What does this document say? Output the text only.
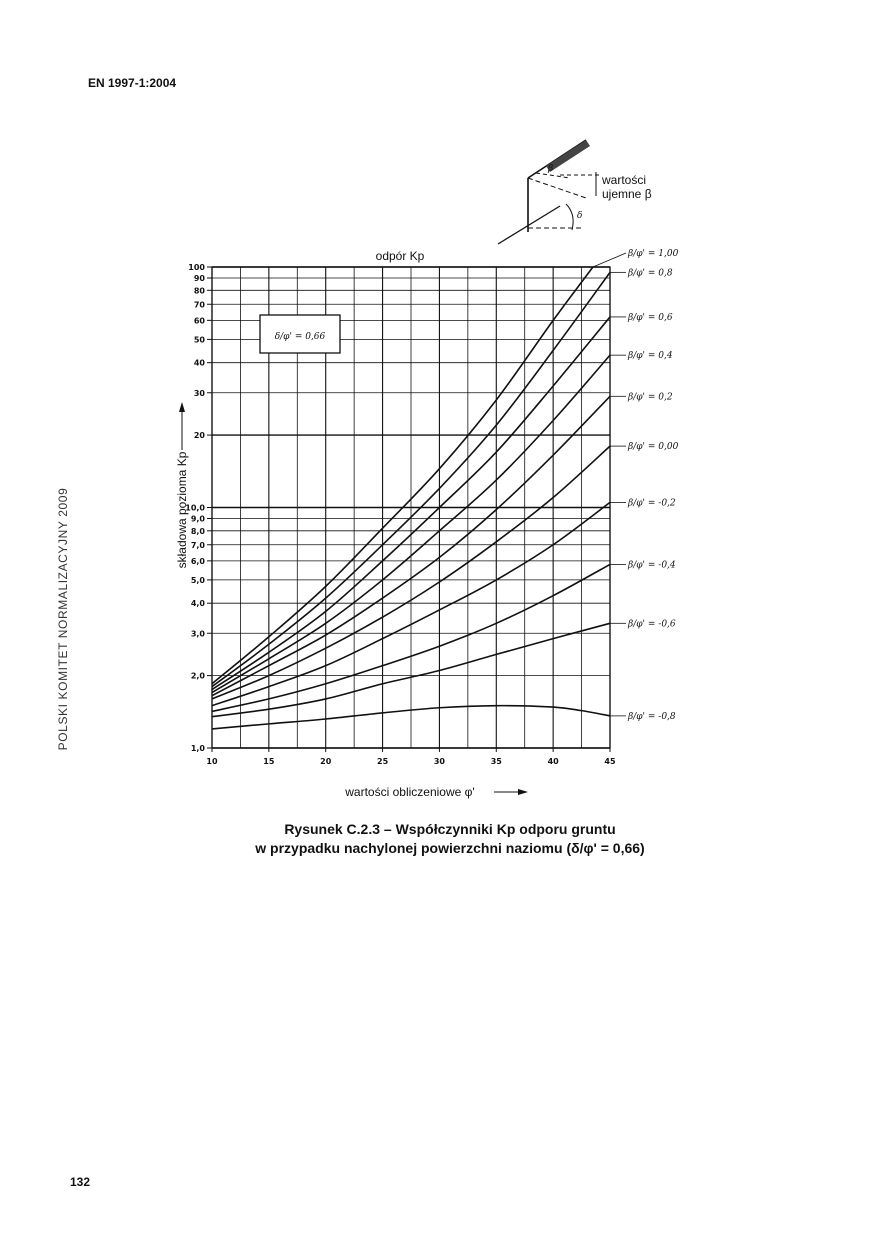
EN 1997-1:2004
POLSKI KOMITET NORMALIZACYJNY 2009
β
δ
wartości
ujemne β
odpór Kp
1,0
2,0
3,0
4,0
5,0
6,0
7,0
8,0
9,0
10,0
20
30
40
50
60
70
80
90
100
10	15	20	25	30	35	40	45
β/φ' = 1,00
β/φ' = 0,8
β/φ' = 0,6
β/φ' = 0,4
β/φ' = 0,2
β/φ' = 0,00
β/φ' = -0,2
β/φ' = -0,4
β/φ' = -0,6
β/φ' = -0,8
δ/φ' = 0,66
składowa pozioma Kp
wartości obliczeniowe φ'
Rysunek C.2.3 – Współczynniki Kp odporu gruntu
w przypadku nachylonej powierzchni naziomu (δ/φ' = 0,66)
132
